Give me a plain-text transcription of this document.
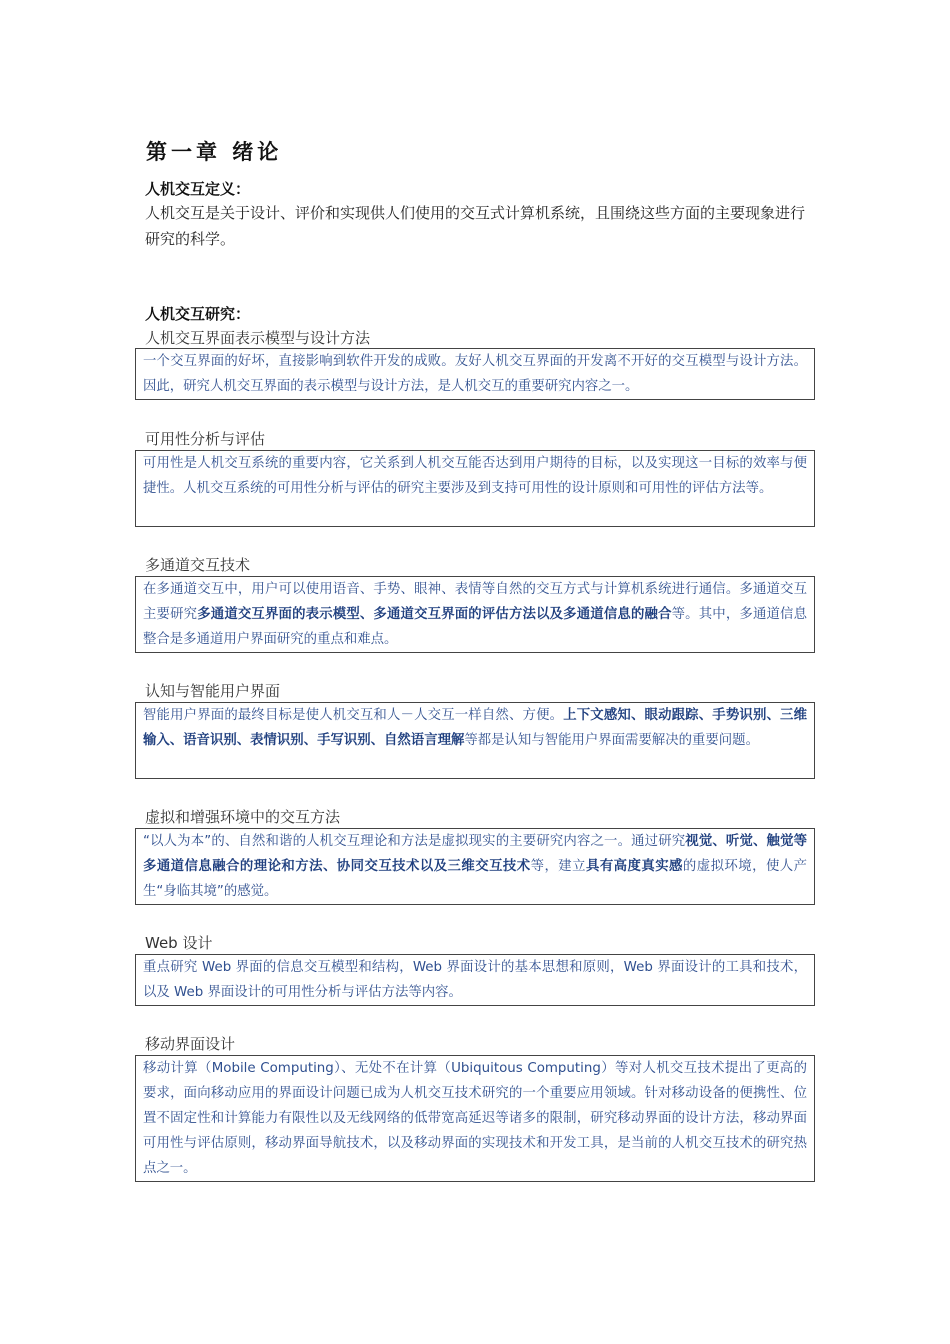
第一章 绪论
人机交互定义：
人机交互是关于设计、评价和实现供人们使用的交互式计算机系统，且围绕这些方面的主要现象进行研究的科学。
人机交互研究：
人机交互界面表示模型与设计方法
一个交互界面的好坏，直接影响到软件开发的成败。友好人机交互界面的开发离不开好的交互模型与设计方法。因此，研究人机交互界面的表示模型与设计方法，是人机交互的重要研究内容之一。
可用性分析与评估
可用性是人机交互系统的重要内容，它关系到人机交互能否达到用户期待的目标，以及实现这一目标的效率与便捷性。人机交互系统的可用性分析与评估的研究主要涉及到支持可用性的设计原则和可用性的评估方法等。
多通道交互技术
在多通道交互中，用户可以使用语音、手势、眼神、表情等自然的交互方式与计算机系统进行通信。多通道交互主要研究多通道交互界面的表示模型、多通道交互界面的评估方法以及多通道信息的融合等。其中，多通道信息整合是多通道用户界面研究的重点和难点。
认知与智能用户界面
智能用户界面的最终目标是使人机交互和人－人交互一样自然、方便。上下文感知、眼动跟踪、手势识别、三维输入、语音识别、表情识别、手写识别、自然语言理解等都是认知与智能用户界面需要解决的重要问题。
虚拟和增强环境中的交互方法
“以人为本”的、自然和谐的人机交互理论和方法是虚拟现实的主要研究内容之一。通过研究视觉、听觉、触觉等多通道信息融合的理论和方法、协同交互技术以及三维交互技术等，建立具有高度真实感的虚拟环境，使人产生“身临其境”的感觉。
Web 设计
重点研究 Web 界面的信息交互模型和结构，Web 界面设计的基本思想和原则，Web 界面设计的工具和技术，以及 Web 界面设计的可用性分析与评估方法等内容。
移动界面设计
移动计算（Mobile Computing）、无处不在计算（Ubiquitous Computing）等对人机交互技术提出了更高的要求，面向移动应用的界面设计问题已成为人机交互技术研究的一个重要应用领域。针对移动设备的便携性、位置不固定性和计算能力有限性以及无线网络的低带宽高延迟等诸多的限制，研究移动界面的设计方法，移动界面可用性与评估原则，移动界面导航技术，以及移动界面的实现技术和开发工具，是当前的人机交互技术的研究热点之一。
